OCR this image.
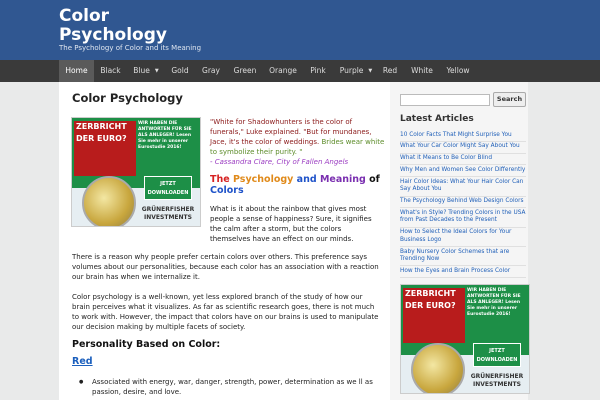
Color Psychology
The Psychology of Color and its Meaning
Home	Black	Blue ▼	Gold	Gray	Green	Orange	Pink	Purple ▼	Red	White	Yellow
Color Psychology
ZERBRICHT DER EURO?
WIR HABEN DIE ANTWORTEN FÜR SIE ALS ANLEGER! Lesen Sie mehr in unserer Eurostudie 2016!
JETZT DOWNLOADEN
GRÜNERFISHER INVESTMENTS
"White for Shadowhunters is the color of funerals," Luke explained. "But for mundanes, Jace, it's the color of weddings. Brides wear white to symbolize their purity. "
- Cassandra Clare, City of Fallen Angels
The Psychology and Meaning of
Colors
What is it about the rainbow that gives most people a sense of happiness? Sure, it signifies the calm after a storm, but the colors themselves have an effect on our minds.
There is a reason why people prefer certain colors over others. This preference says volumes about our personalities, because each color has an association with a reaction our brain has when we internalize it.
Color psychology is a well-known, yet less explored branch of the study of how our brain perceives what it visualizes. As far as scientific research goes, there is not much to work with. However, the impact that colors have on our brains is used to manipulate our decision making by multiple facets of society.
Personality Based on Color:
Red
● Associated with energy, war, danger, strength, power, determination as we ll as passion, desire, and love.
Search
Latest Articles
10 Color Facts That Might Surprise You
What Your Car Color Might Say About You
What it Means to Be Color Blind
Why Men and Women See Color Differently
Hair Color Ideas: What Your Hair Color Can Say About You
The Psychology Behind Web Design Colors
What's in Style? Trending Colors in the USA from Past Decades to the Present
How to Select the Ideal Colors for Your Business Logo
Baby Nursery Color Schemes that are Trending Now
How the Eyes and Brain Process Color
ZERBRICHT DER EURO?
WIR HABEN DIE ANTWORTEN FÜR SIE ALS ANLEGER! Lesen Sie mehr in unserer Eurostudie 2016!
JETZT DOWNLOADEN
GRÜNERFISHER INVESTMENTS
